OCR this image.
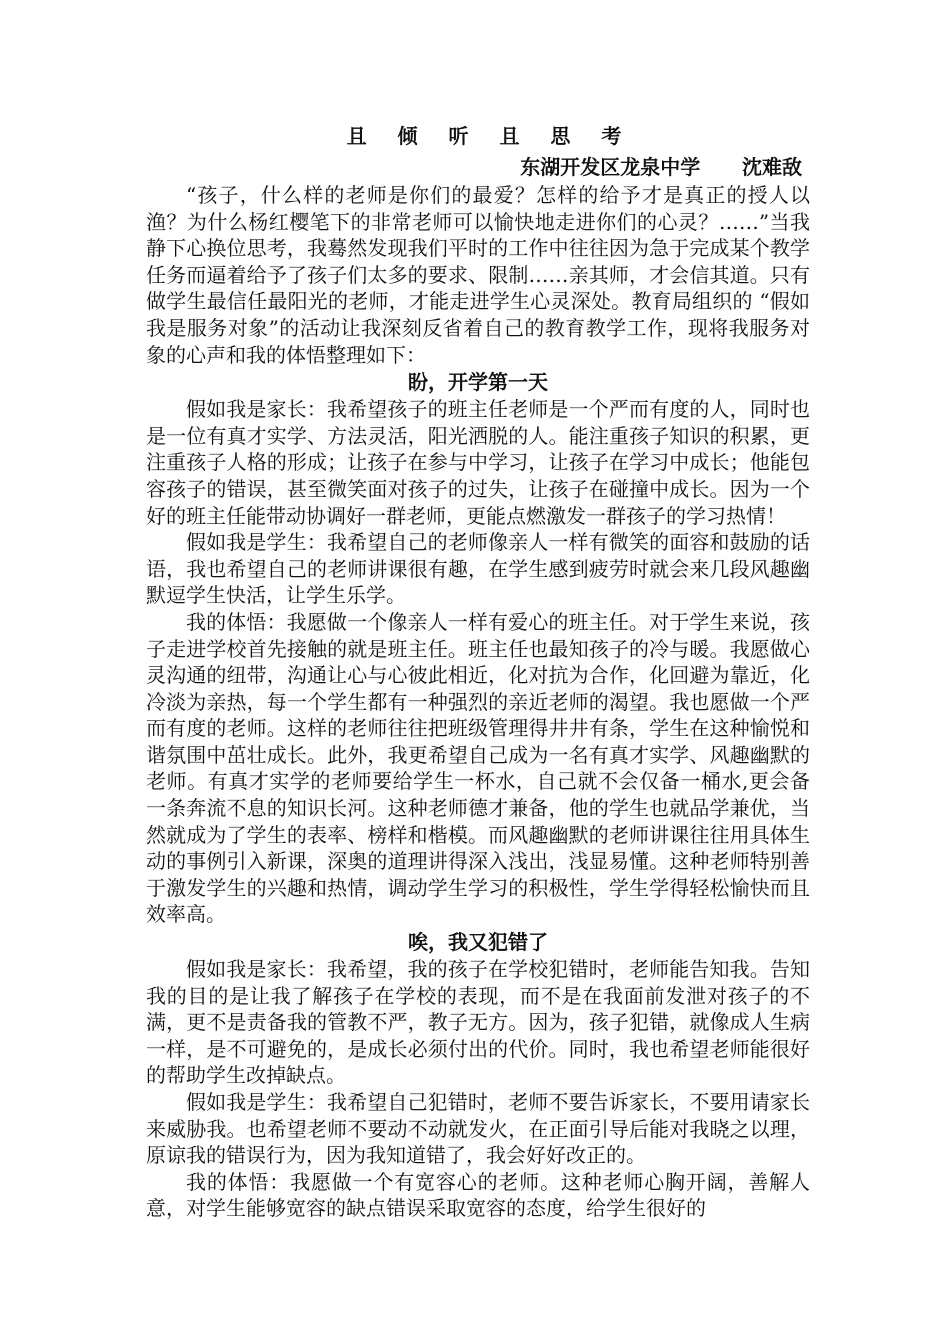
且 倾 听 且 思 考
东湖开发区龙泉中学      沈难敌

“孩子，什么样的老师是你们的最爱？怎样的给予才是真正的授人以渔？为什么杨红樱笔下的非常老师可以愉快地走进你们的心灵？……”当我静下心换位思考，我蓦然发现我们平时的工作中往往因为急于完成某个教学任务而逼着给予了孩子们太多的要求、限制……亲其师，才会信其道。只有做学生最信任最阳光的老师，才能走进学生心灵深处。教育局组织的 “假如我是服务对象”的活动让我深刻反省着自己的教育教学工作，现将我服务对象的心声和我的体悟整理如下：

盼，开学第一天

假如我是家长：我希望孩子的班主任老师是一个严而有度的人，同时也是一位有真才实学、方法灵活，阳光洒脱的人。能注重孩子知识的积累，更注重孩子人格的形成；让孩子在参与中学习，让孩子在学习中成长；他能包容孩子的错误，甚至微笑面对孩子的过失，让孩子在碰撞中成长。因为一个好的班主任能带动协调好一群老师，更能点燃激发一群孩子的学习热情！

假如我是学生：我希望自己的老师像亲人一样有微笑的面容和鼓励的话语，我也希望自己的老师讲课很有趣，在学生感到疲劳时就会来几段风趣幽默逗学生快活，让学生乐学。

我的体悟：我愿做一个像亲人一样有爱心的班主任。对于学生来说，孩子走进学校首先接触的就是班主任。班主任也最知孩子的冷与暖。我愿做心灵沟通的纽带，沟通让心与心彼此相近，化对抗为合作，化回避为靠近，化冷淡为亲热，每一个学生都有一种强烈的亲近老师的渴望。我也愿做一个严而有度的老师。这样的老师往往把班级管理得井井有条，学生在这种愉悦和谐氛围中茁壮成长。此外，我更希望自己成为一名有真才实学、风趣幽默的老师。有真才实学的老师要给学生一杯水，自己就不会仅备一桶水,更会备一条奔流不息的知识长河。这种老师德才兼备，他的学生也就品学兼优，当然就成为了学生的表率、榜样和楷模。而风趣幽默的老师讲课往往用具体生动的事例引入新课，深奥的道理讲得深入浅出，浅显易懂。这种老师特别善于激发学生的兴趣和热情，调动学生学习的积极性，学生学得轻松愉快而且效率高。

唉，我又犯错了

假如我是家长：我希望，我的孩子在学校犯错时，老师能告知我。告知我的目的是让我了解孩子在学校的表现，而不是在我面前发泄对孩子的不满，更不是责备我的管教不严，教子无方。因为，孩子犯错，就像成人生病一样，是不可避免的，是成长必须付出的代价。同时，我也希望老师能很好的帮助学生改掉缺点。

假如我是学生：我希望自己犯错时，老师不要告诉家长，不要用请家长来威胁我。也希望老师不要动不动就发火，在正面引导后能对我晓之以理，原谅我的错误行为，因为我知道错了，我会好好改正的。

我的体悟：我愿做一个有宽容心的老师。这种老师心胸开阔，善解人意，对学生能够宽容的缺点错误采取宽容的态度，给学生很好的
